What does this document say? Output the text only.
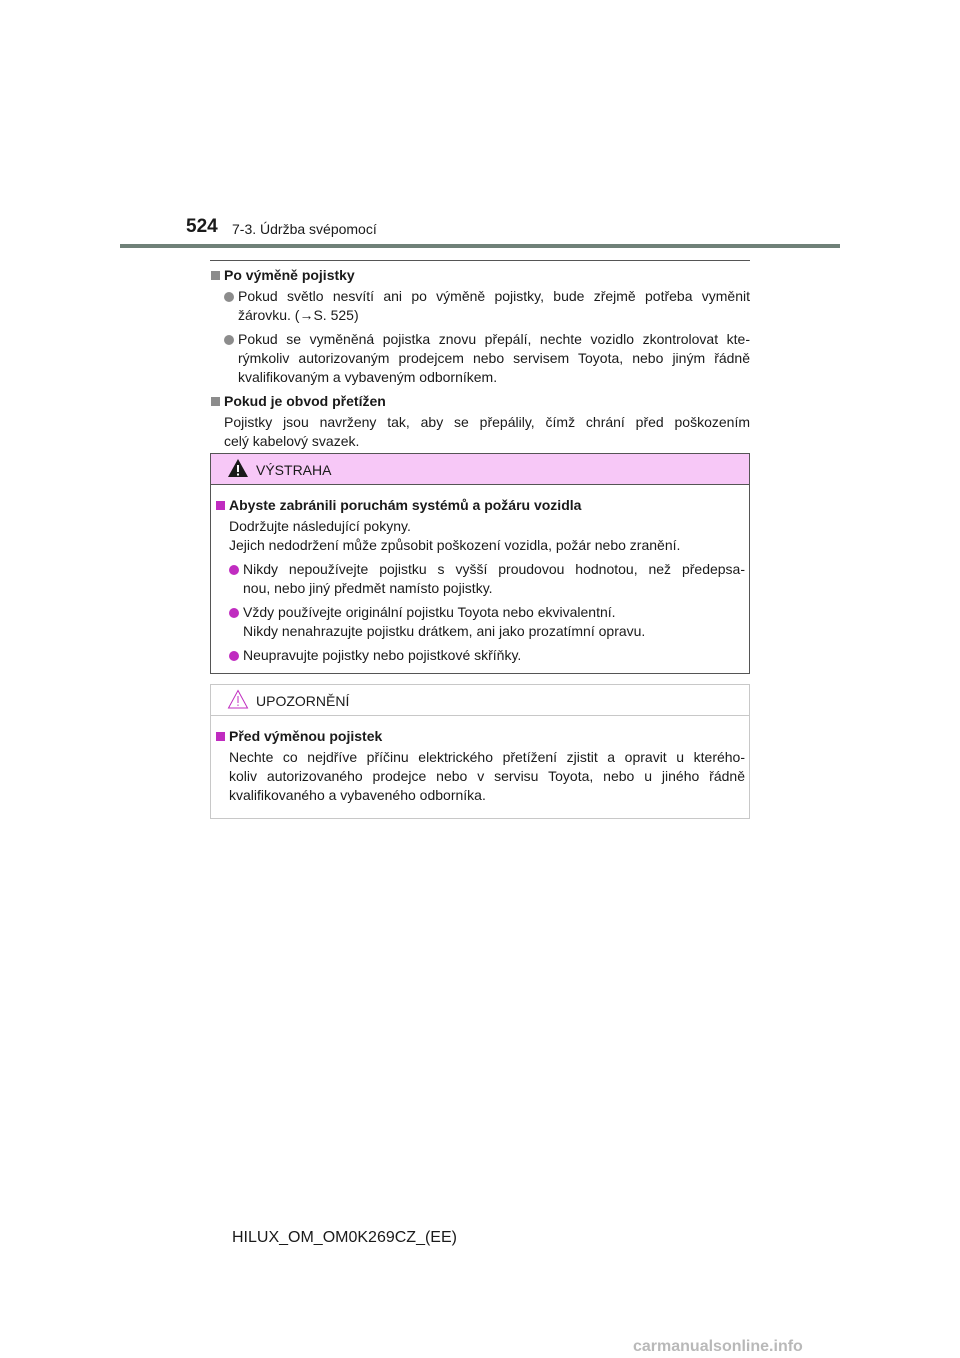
524 7-3. Údržba svépomocí
Po výměně pojistky
Pokud světlo nesvítí ani po výměně pojistky, bude zřejmě potřeba vyměnit
žárovku. (→S. 525)
Pokud se vyměněná pojistka znovu přepálí, nechte vozidlo zkontrolovat kte-
rýmkoliv autorizovaným prodejcem nebo servisem Toyota, nebo jiným řádně
kvalifikovaným a vybaveným odborníkem.
Pokud je obvod přetížen
Pojistky jsou navrženy tak, aby se přepálily, čímž chrání před poškozením
celý kabelový svazek.
VÝSTRAHA
Abyste zabránili poruchám systémů a požáru vozidla
Dodržujte následující pokyny.
Jejich nedodržení může způsobit poškození vozidla, požár nebo zranění.
Nikdy nepoužívejte pojistku s vyšší proudovou hodnotou, než předepsa-
nou, nebo jiný předmět namísto pojistky.
Vždy používejte originální pojistku Toyota nebo ekvivalentní.
Nikdy nenahrazujte pojistku drátkem, ani jako prozatímní opravu.
Neupravujte pojistky nebo pojistkové skříňky.
UPOZORNĚNÍ
Před výměnou pojistek
Nechte co nejdříve příčinu elektrického přetížení zjistit a opravit u kterého-
koliv autorizovaného prodejce nebo v servisu Toyota, nebo u jiného řádně
kvalifikovaného a vybaveného odborníka.
HILUX_OM_OM0K269CZ_(EE)
carmanualsonline.info
